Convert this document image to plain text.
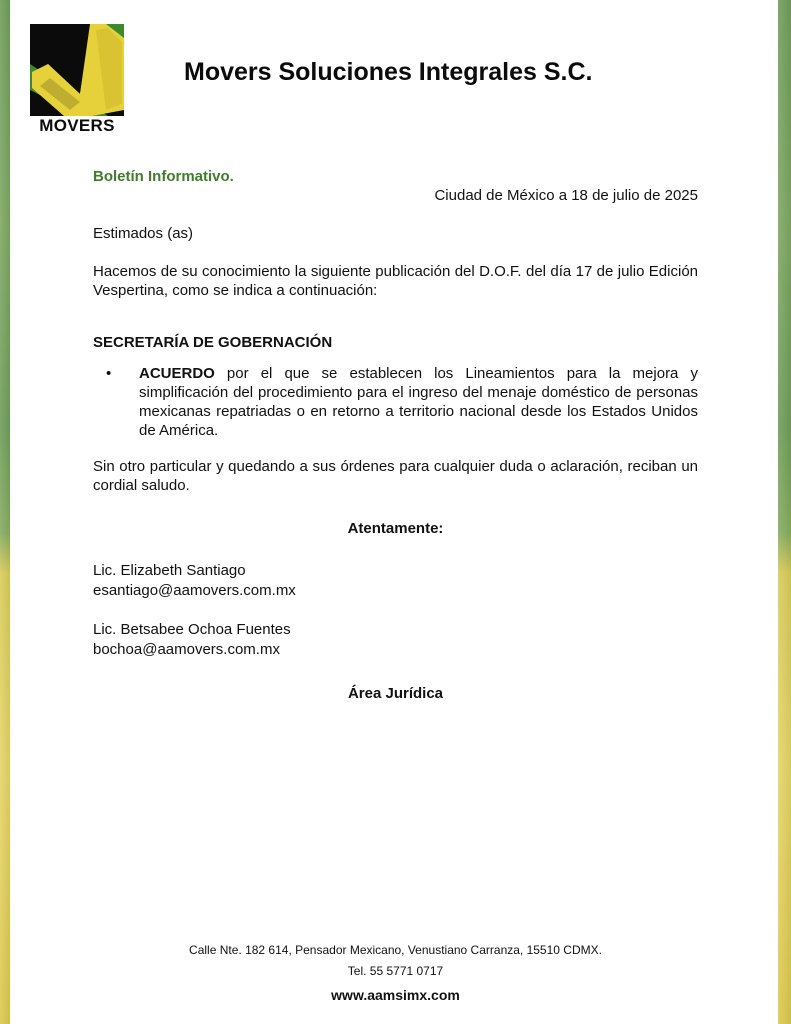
MOVERS
Movers Soluciones Integrales S.C.
Boletín Informativo.
Ciudad de México a 18 de julio de 2025
Estimados (as)
Hacemos de su conocimiento la siguiente publicación del D.O.F. del día 17 de julio Edición Vespertina, como se indica a continuación:
SECRETARÍA DE GOBERNACIÓN
• ACUERDO por el que se establecen los Lineamientos para la mejora y simplificación del procedimiento para el ingreso del menaje doméstico de personas mexicanas repatriadas o en retorno a territorio nacional desde los Estados Unidos de América.
Sin otro particular y quedando a sus órdenes para cualquier duda o aclaración, reciban un cordial saludo.
Atentamente:
Lic. Elizabeth Santiago
esantiago@aamovers.com.mx
Lic. Betsabee Ochoa Fuentes
bochoa@aamovers.com.mx
Área Jurídica
Calle Nte. 182 614, Pensador Mexicano, Venustiano Carranza, 15510 CDMX.
Tel. 55 5771 0717
www.aamsimx.com
